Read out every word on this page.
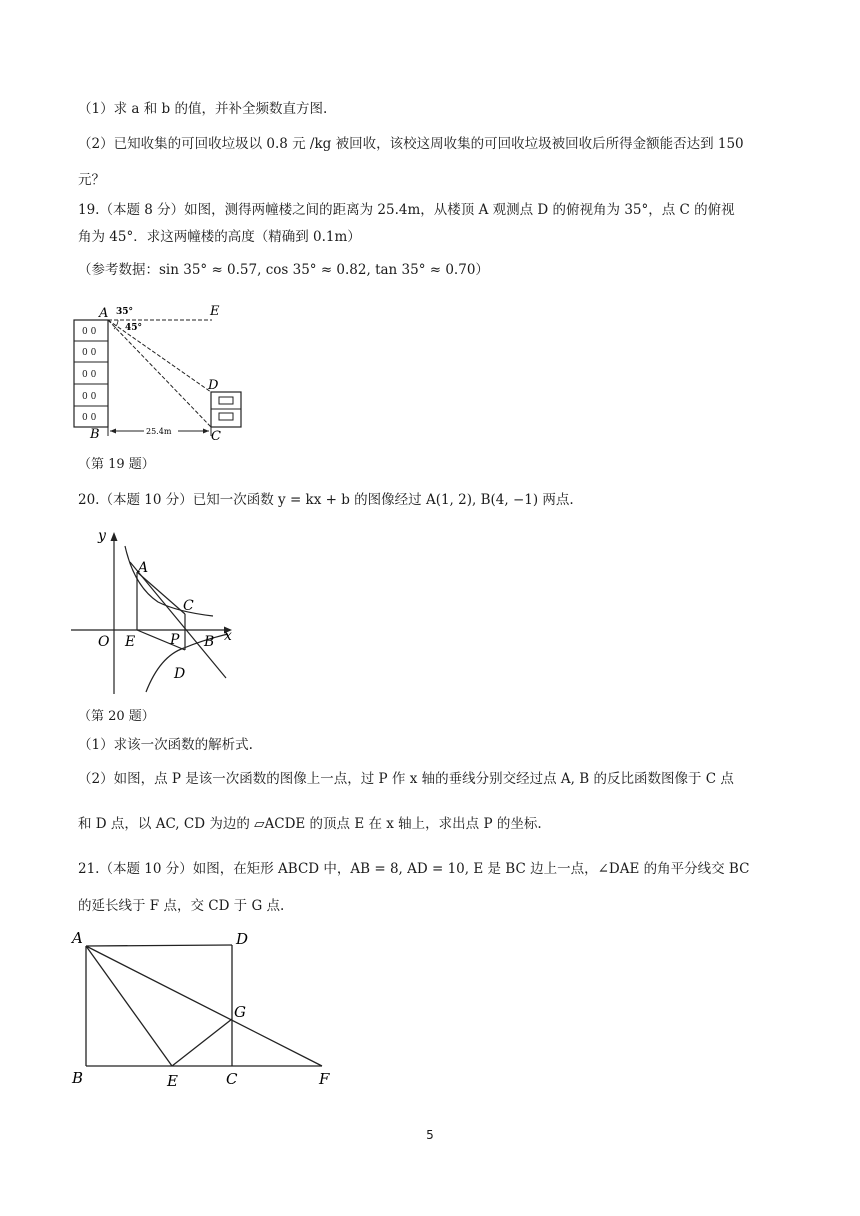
（1）求 a 和 b 的值，并补全频数直方图.
（2）已知收集的可回收垃圾以 0.8 元 /kg 被回收，该校这周收集的可回收垃圾被回收后所得金额能否达到 150
元？
19.（本题 8 分）如图，测得两幢楼之间的距离为 25.4m，从楼顶 A 观测点 D 的俯视角为 35°，点 C 的俯视
角为 45°．求这两幢楼的高度（精确到 0.1m）
（参考数据：sin 35° ≈ 0.57, cos 35° ≈ 0.82, tan 35° ≈ 0.70）
0 0
0 0
0 0
0 0
0 0
25.4m
35°
45°
A	E
D
B	C
（第 19 题）
20.（本题 10 分）已知一次函数 y = kx + b 的图像经过 A(1, 2), B(4, −1) 两点.
y
x
O
A
C
E P B
D
（第 20 题）
（1）求该一次函数的解析式.
（2）如图，点 P 是该一次函数的图像上一点，过 P 作 x 轴的垂线分别交经过点 A, B 的反比函数图像于 C 点
和 D 点，以 AC, CD 为边的 ▱ACDE 的顶点 E 在 x 轴上，求出点 P 的坐标.
21.（本题 10 分）如图，在矩形 ABCD 中，AB = 8, AD = 10, E 是 BC 边上一点，∠DAE 的角平分线交 BC
的延长线于 F 点，交 CD 于 G 点.
A	D
G
B	E	C	F
5
